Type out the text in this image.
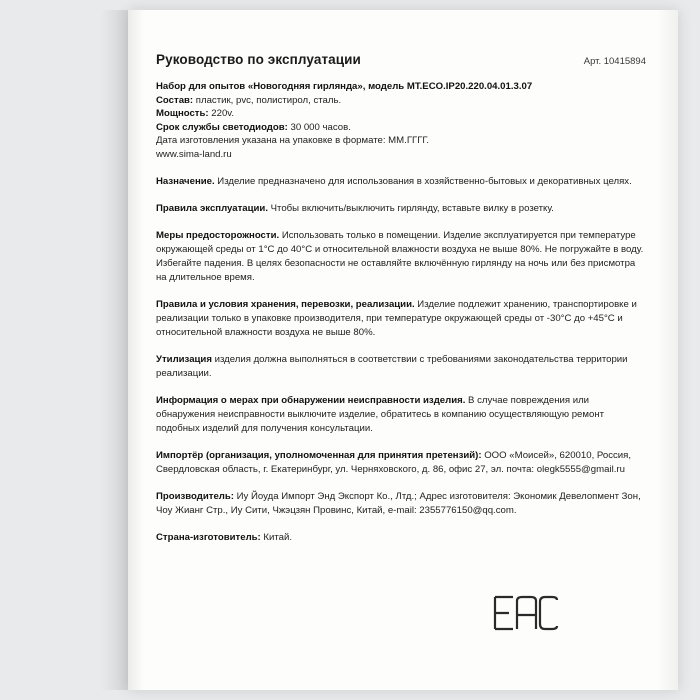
Руководство по эксплуатации	Арт. 10415894
Набор для опытов «Новогодняя гирлянда», модель MT.ECO.IP20.220.04.01.3.07
Состав: пластик, pvc, полистирол, сталь.
Мощность: 220v.
Срок службы светодиодов: 30 000 часов.
Дата изготовления указана на упаковке в формате: ММ.ГГГГ.
www.sima-land.ru
Назначение. Изделие предназначено для использования в хозяйственно-бытовых и декоративных целях.
Правила эксплуатации. Чтобы включить/выключить гирлянду, вставьте вилку в розетку.
Меры предосторожности. Использовать только в помещении. Изделие эксплуатируется при температуре окружающей среды от 1°С до 40°С и относительной влажности воздуха не выше 80%. Не погружайте в воду. Избегайте падения. В целях безопасности не оставляйте включённую гирлянду на ночь или без присмотра на длительное время.
Правила и условия хранения, перевозки, реализации. Изделие подлежит хранению, транспортировке и реализации только в упаковке производителя, при температуре окружающей среды от -30°С до +45°С и относительной влажности воздуха не выше 80%.
Утилизация изделия должна выполняться в соответствии с требованиями законодательства территории реализации.
Информация о мерах при обнаружении неисправности изделия. В случае повреждения или обнаружения неисправности выключите изделие, обратитесь в компанию осуществляющую ремонт подобных изделий для получения консультации.
Импортёр (организация, уполномоченная для принятия претензий): ООО «Моисей», 620010, Россия, Свердловская область, г. Екатеринбург, ул. Черняховского, д. 86, офис 27, эл. почта: olegk5555@gmail.ru
Производитель: Иу Йоуда Импорт Энд Экспорт Ко., Лтд.; Адрес изготовителя: Экономик Девелопмент Зон, Чоу Жианг Стр., Иу Сити, Чжэцзян Провинс, Китай, e-mail: 2355776150@qq.com.
Страна-изготовитель: Китай.
